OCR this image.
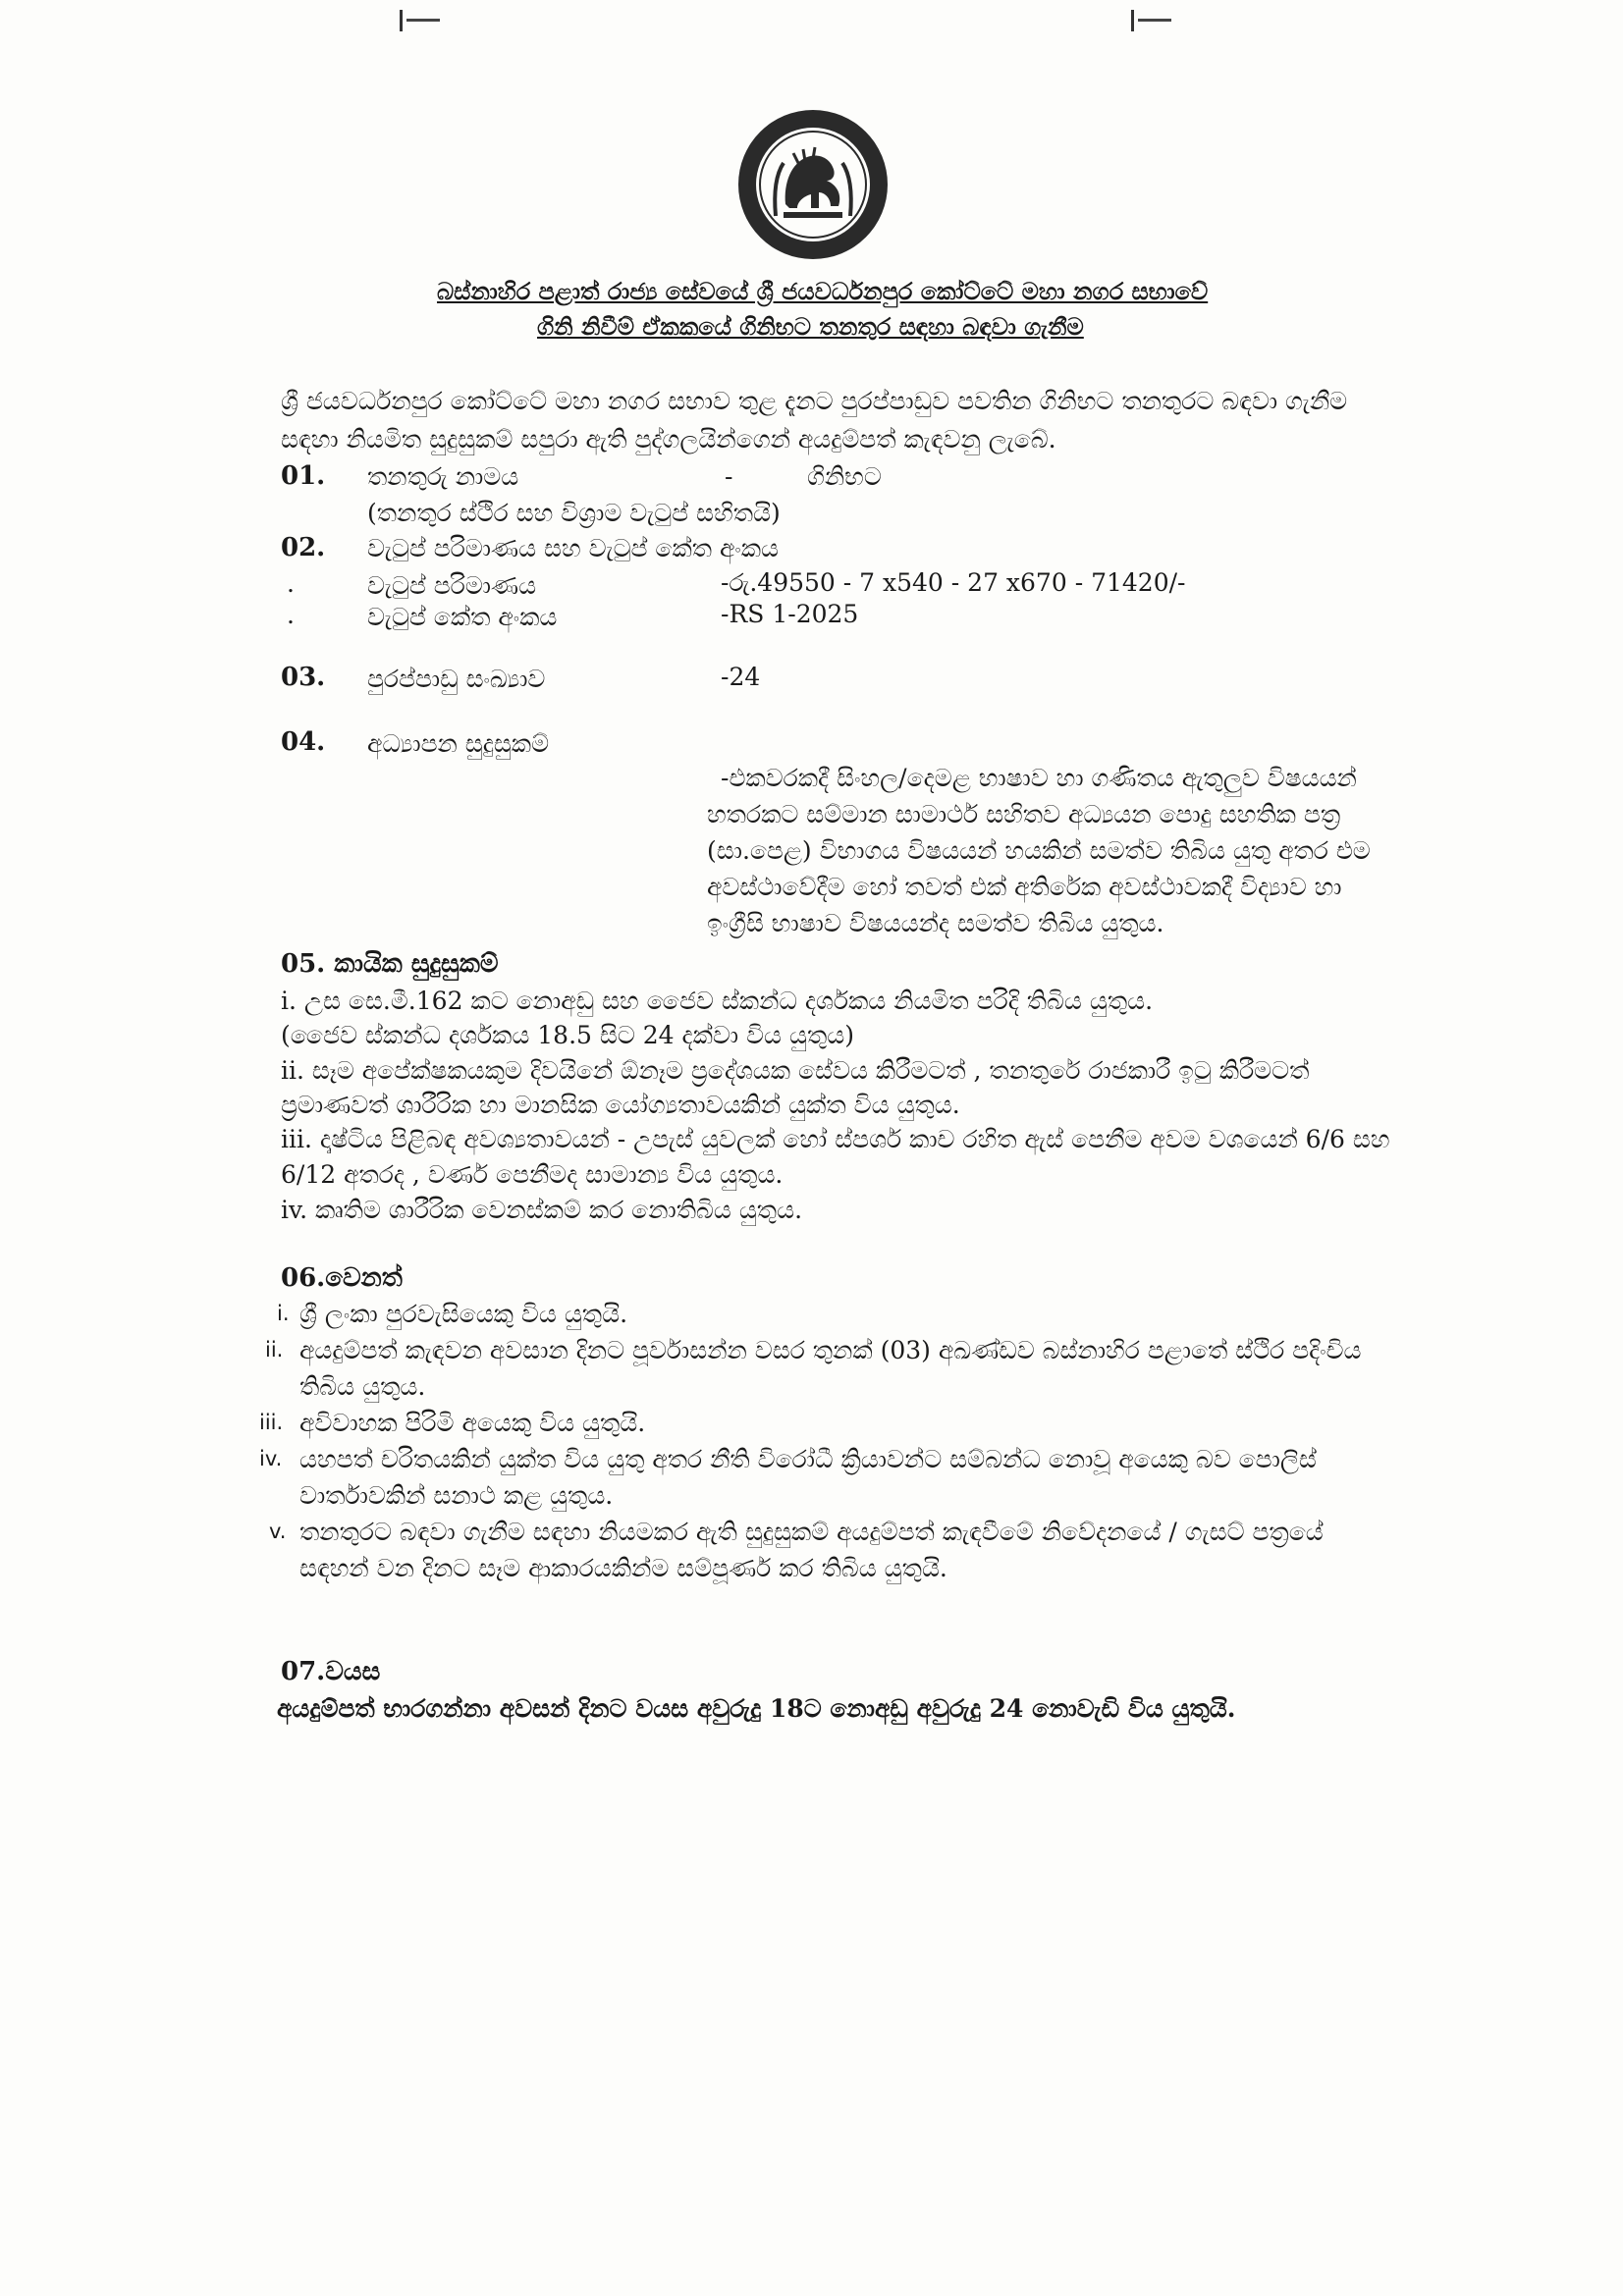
බස්නාහිර පළාත් රාජ්‍ය සේවයේ ශ්‍රී ජයවර්ධනපුර කෝට්ටේ මහා නගර සභාවේ
ගිනි නිවීම් ඒකකයේ ගිනිභට තනතුර සඳහා බඳවා ගැනීම
ශ්‍රී ජයවර්ධනපුර කෝට්ටේ මහා නගර සභාව තුළ දැනට පුරප්පාඩුව පවතින ගිනිභට තනතුරට බඳවා ගැනීම
සඳහා නියමිත සුදුසුකම් සපුරා ඇති පුද්ගලයින්ගෙන් අයදුම්පත් කැඳවනු ලැබේ.
01. තනතුරු නාමය	-	ගිනිභට
(තනතුර ස්ථිර සහ විශ්‍රාම වැටුප් සහිතයි)
02. වැටුප් පරිමාණය සහ වැටුප් කේත අංකය
.	වැටුප් පරිමාණය	-රු.49550 - 7 x540 - 27 x670 - 71420/-
.	වැටුප් කේත අංකය	-RS 1-2025
03. පුරප්පාඩු සංඛ්‍යාව	-24
04. අධ්‍යාපන සුදුසුකම්
-එකවරකදී සිංහල/දෙමළ භාෂාව හා ගණිතය ඇතුලුව විෂයයන්
හතරකට සම්මාන සාමාර්ථ සහිතව අධ්‍යයන පොදු සහතික පත්‍ර
(සා.පෙළ) විභාගය විෂයයන් හයකින් සමත්ව තිබිය යුතු අතර එම
අවස්ථාවේදීම හෝ තවත් එක් අතිරේක අවස්ථාවකදී විද්‍යාව හා
ඉංග්‍රීසි භාෂාව විෂයයන්ද සමත්ව තිබිය යුතුය.
05. කායික සුදුසුකම්
i. උස සෙ.මී.162 කට නොඅඩු සහ ජෛව ස්කන්ධ දර්ශකය නියමිත පරිදි තිබිය යුතුය.
(ජෛව ස්කන්ධ දර්ශකය 18.5 සිට 24 දක්වා විය යුතුය)
ii. සෑම අපේක්ෂකයකුම දිවයිනේ ඕනෑම ප්‍රදේශයක සේවය කිරීමටත් , තනතුරේ රාජකාරී ඉටු කිරීමටත්
ප්‍රමාණවත් ශාරීරික හා මානසික යෝග්‍යතාවයකින් යුක්ත විය යුතුය.
iii. දෘෂ්ටිය පිළිබඳ අවශ්‍යතාවයන් - උපැස් යුවලක් හෝ ස්පර්ශ කාච රහිත ඇස් පෙනීම අවම වශයෙන් 6/6 සහ
6/12 අතරද , වර්ණ පෙනීමද සාමාන්‍ය විය යුතුය.
iv. කෘතිම ශාරීරික වෙනස්කම් කර නොතිබිය යුතුය.
06.වෙනත්
i. ශ්‍රී ලංකා පුරවැසියෙකු විය යුතුයි.
ii. අයදුම්පත් කැඳවන අවසාන දිනට පූර්වාසන්න වසර තුනක් (03) අඛණ්ඩව බස්නාහිර පළාතේ ස්ථිර පදිංචිය
තිබිය යුතුය.
iii. අවිවාහක පිරිමි අයෙකු විය යුතුයි.
iv. යහපත් චරිතයකින් යුක්ත විය යුතු අතර නීති විරෝධී ක්‍රියාවන්ට සම්බන්ධ නොවූ අයෙකු බව පොලිස්
වාර්තාවකින් සනාථ කළ යුතුය.
v. තනතුරට බඳවා ගැනීම සඳහා නියමකර ඇති සුදුසුකම් අයදුම්පත් කැඳවීමේ නිවේදනයේ / ගැසට් පත්‍රයේ
සඳහන් වන දිනට සෑම ආකාරයකින්ම සම්පූර්ණ කර තිබිය යුතුයි.
07.වයස
අයදුම්පත් භාරගන්නා අවසන් දිනට වයස අවුරුදු 18ට නොඅඩු අවුරුදු 24 නොවැඩි විය යුතුයි.
